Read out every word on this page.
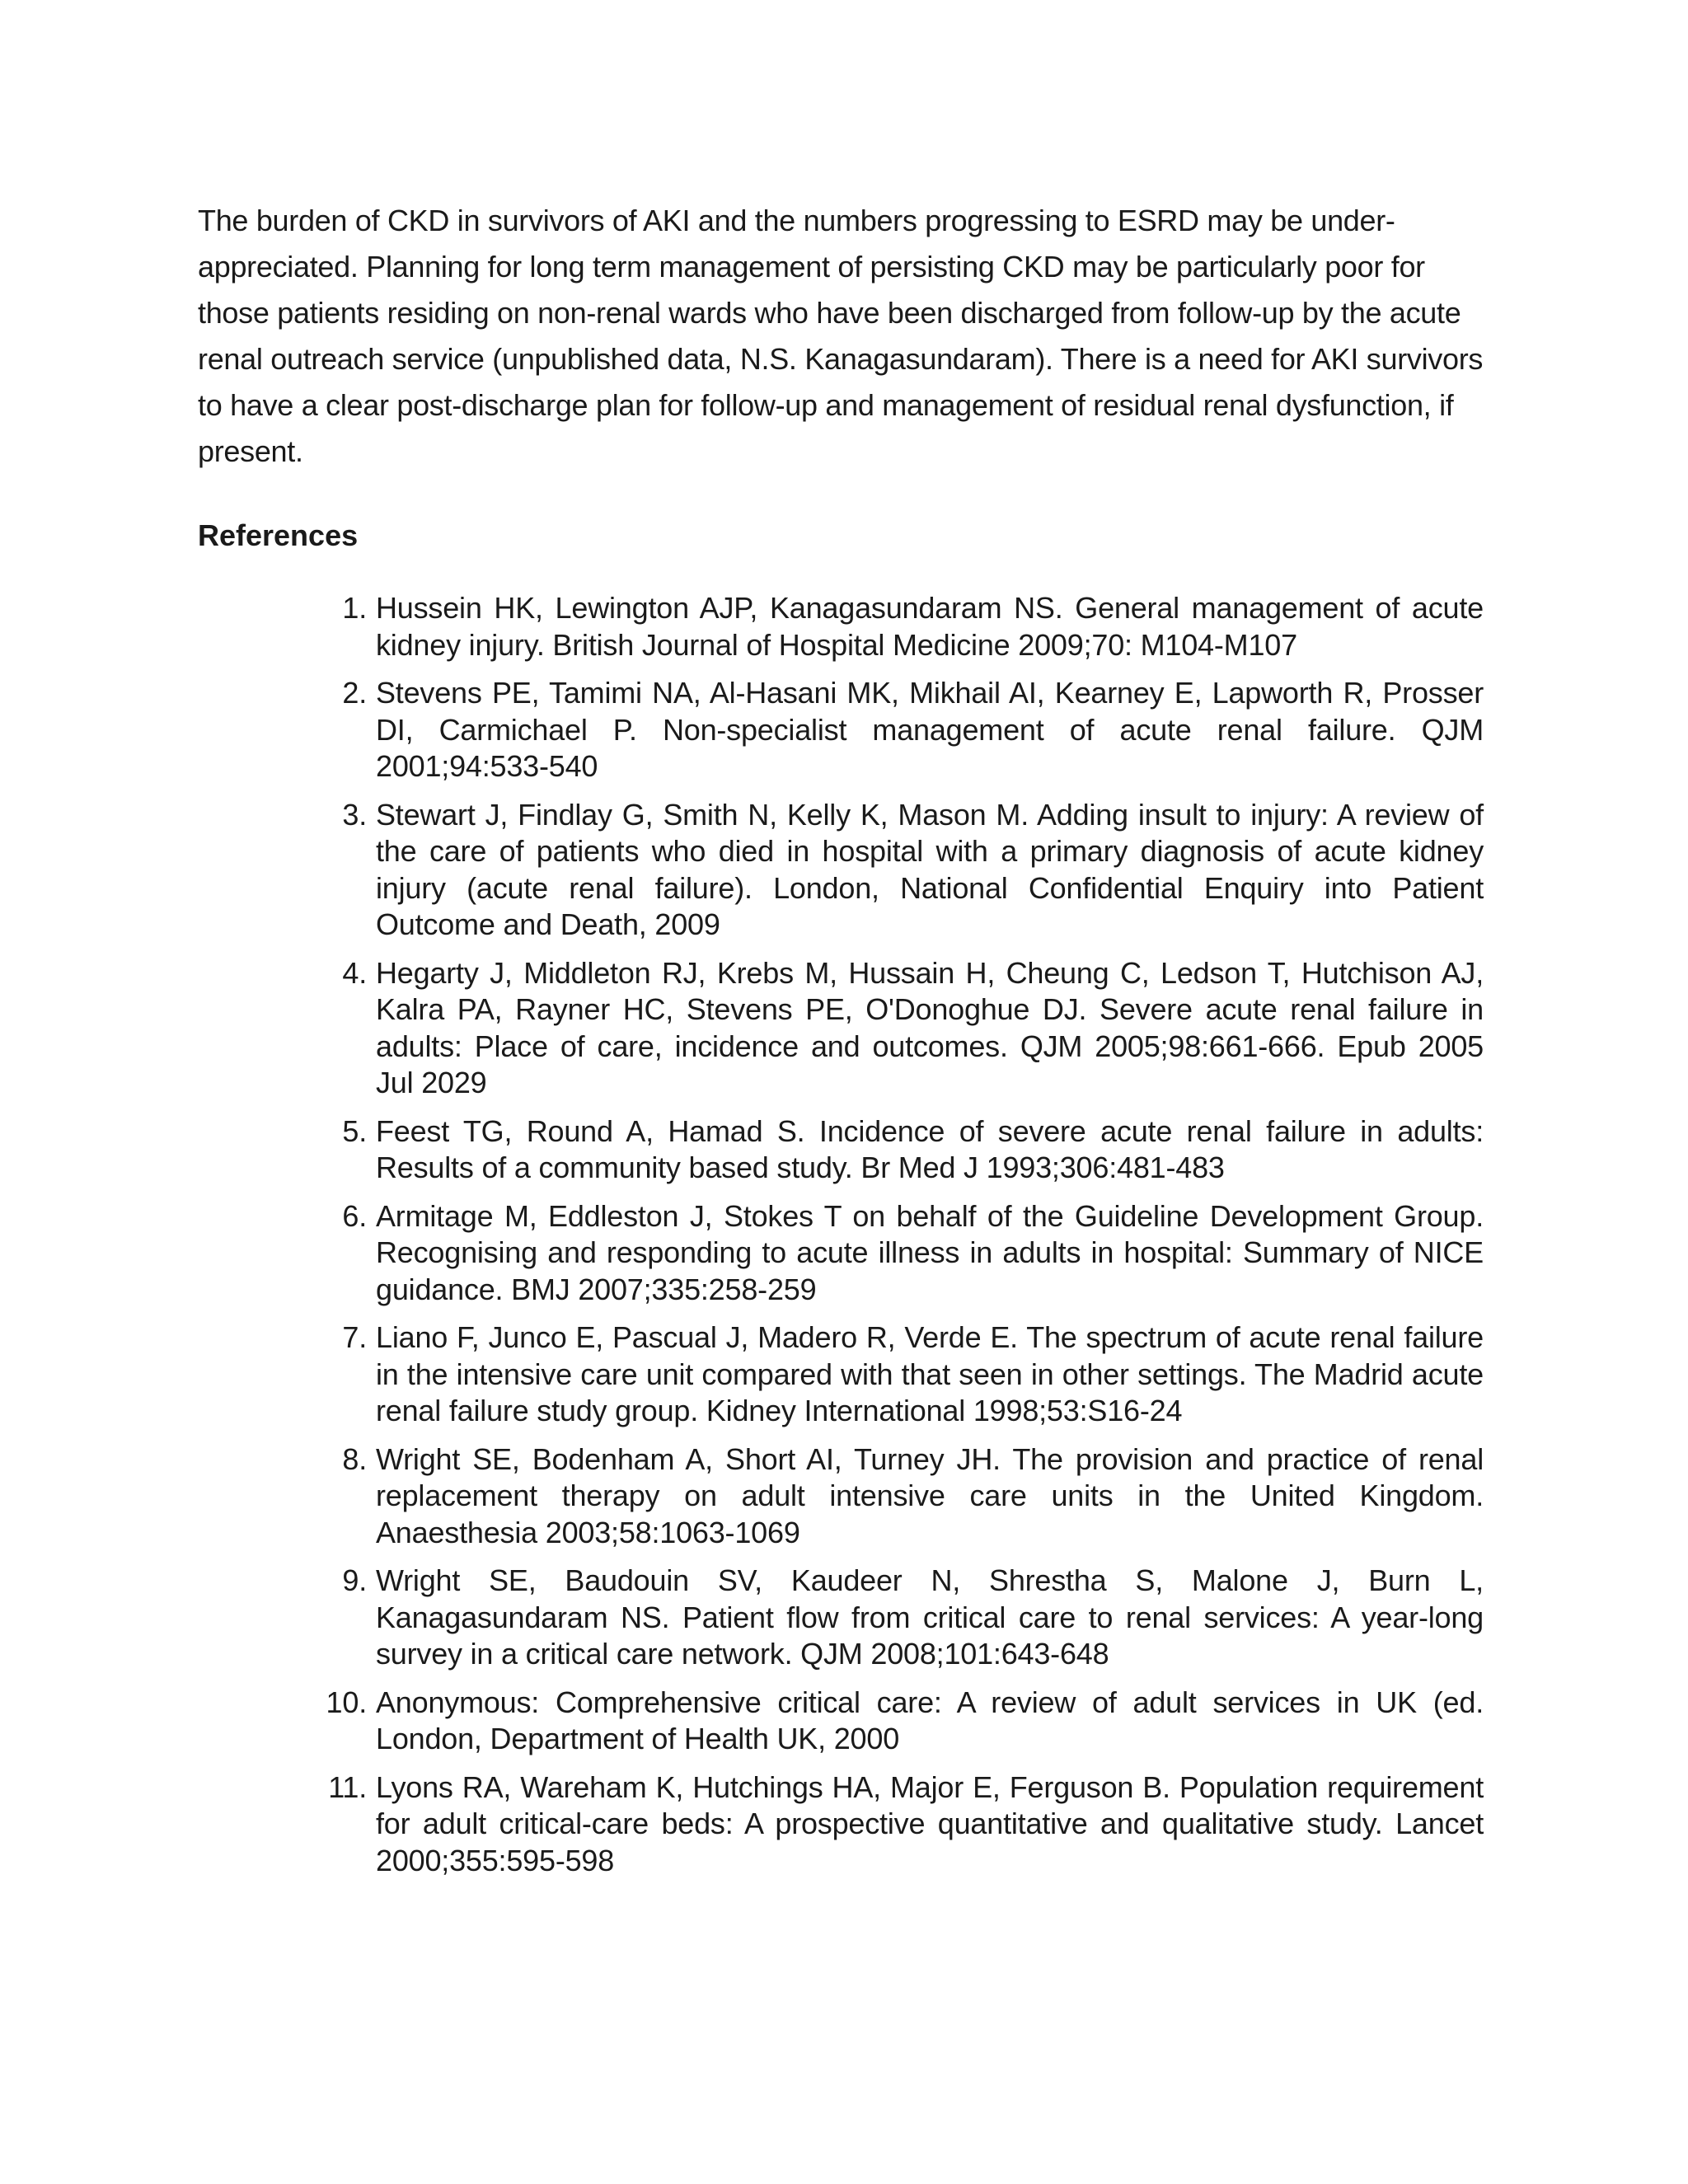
The burden of CKD in survivors of AKI and the numbers progressing to ESRD may be under-appreciated. Planning for long term management of persisting CKD may be particularly poor for those patients residing on non-renal wards who have been discharged from follow-up by the acute renal outreach service (unpublished data, N.S. Kanagasundaram). There is a need for AKI survivors to have a clear post-discharge plan for follow-up and management of residual renal dysfunction, if present.

References
1. Hussein HK, Lewington AJP, Kanagasundaram NS. General management of acute kidney injury. British Journal of Hospital Medicine 2009;70: M104-M107
2. Stevens PE, Tamimi NA, Al-Hasani MK, Mikhail AI, Kearney E, Lapworth R, Prosser DI, Carmichael P. Non-specialist management of acute renal failure. QJM 2001;94:533-540
3. Stewart J, Findlay G, Smith N, Kelly K, Mason M. Adding insult to injury: A review of the care of patients who died in hospital with a primary diagnosis of acute kidney injury (acute renal failure). London, National Confidential Enquiry into Patient Outcome and Death, 2009
4. Hegarty J, Middleton RJ, Krebs M, Hussain H, Cheung C, Ledson T, Hutchison AJ, Kalra PA, Rayner HC, Stevens PE, O'Donoghue DJ. Severe acute renal failure in adults: Place of care, incidence and outcomes. QJM 2005;98:661-666. Epub 2005 Jul 2029
5. Feest TG, Round A, Hamad S. Incidence of severe acute renal failure in adults: Results of a community based study. Br Med J 1993;306:481-483
6. Armitage M, Eddleston J, Stokes T on behalf of the Guideline Development Group. Recognising and responding to acute illness in adults in hospital: Summary of NICE guidance. BMJ 2007;335:258-259
7. Liano F, Junco E, Pascual J, Madero R, Verde E. The spectrum of acute renal failure in the intensive care unit compared with that seen in other settings. The Madrid acute renal failure study group. Kidney International 1998;53:S16-24
8. Wright SE, Bodenham A, Short AI, Turney JH. The provision and practice of renal replacement therapy on adult intensive care units in the United Kingdom. Anaesthesia 2003;58:1063-1069
9. Wright SE, Baudouin SV, Kaudeer N, Shrestha S, Malone J, Burn L, Kanagasundaram NS. Patient flow from critical care to renal services: A year-long survey in a critical care network. QJM 2008;101:643-648
10. Anonymous: Comprehensive critical care: A review of adult services in UK (ed. London, Department of Health UK, 2000
11. Lyons RA, Wareham K, Hutchings HA, Major E, Ferguson B. Population requirement for adult critical-care beds: A prospective quantitative and qualitative study. Lancet 2000;355:595-598
